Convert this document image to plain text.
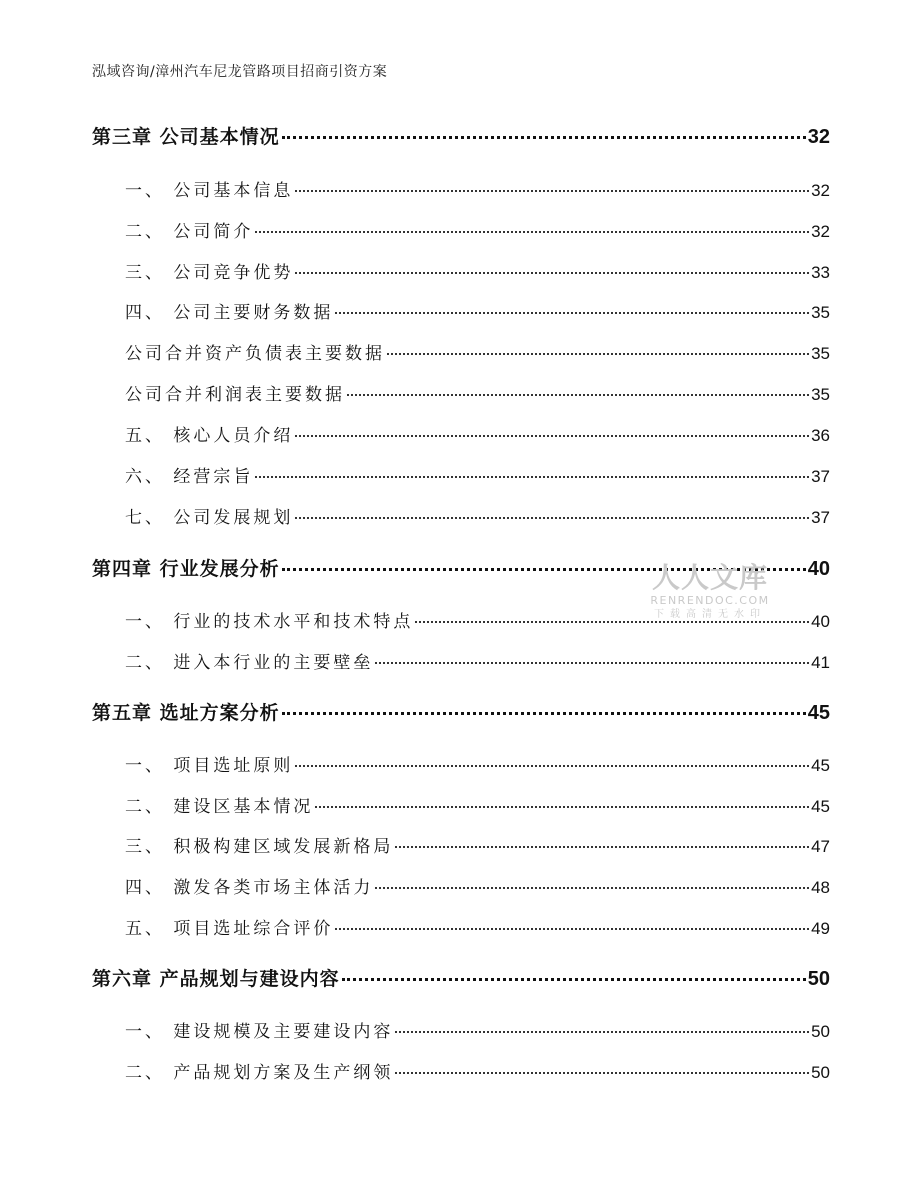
泓域咨询/漳州汽车尼龙管路项目招商引资方案
第三章 公司基本情况	32
一、 公司基本信息	32
二、 公司简介	32
三、 公司竞争优势	33
四、 公司主要财务数据	35
公司合并资产负债表主要数据	35
公司合并利润表主要数据	35
五、 核心人员介绍	36
六、 经营宗旨	37
七、 公司发展规划	37
第四章 行业发展分析	40
一、 行业的技术水平和技术特点	40
二、 进入本行业的主要壁垒	41
第五章 选址方案分析	45
一、 项目选址原则	45
二、 建设区基本情况	45
三、 积极构建区域发展新格局	47
四、 激发各类市场主体活力	48
五、 项目选址综合评价	49
第六章 产品规划与建设内容	50
一、 建设规模及主要建设内容	50
二、 产品规划方案及生产纲领	50
人人文库
RENRENDOC.COM
下载高清无水印
